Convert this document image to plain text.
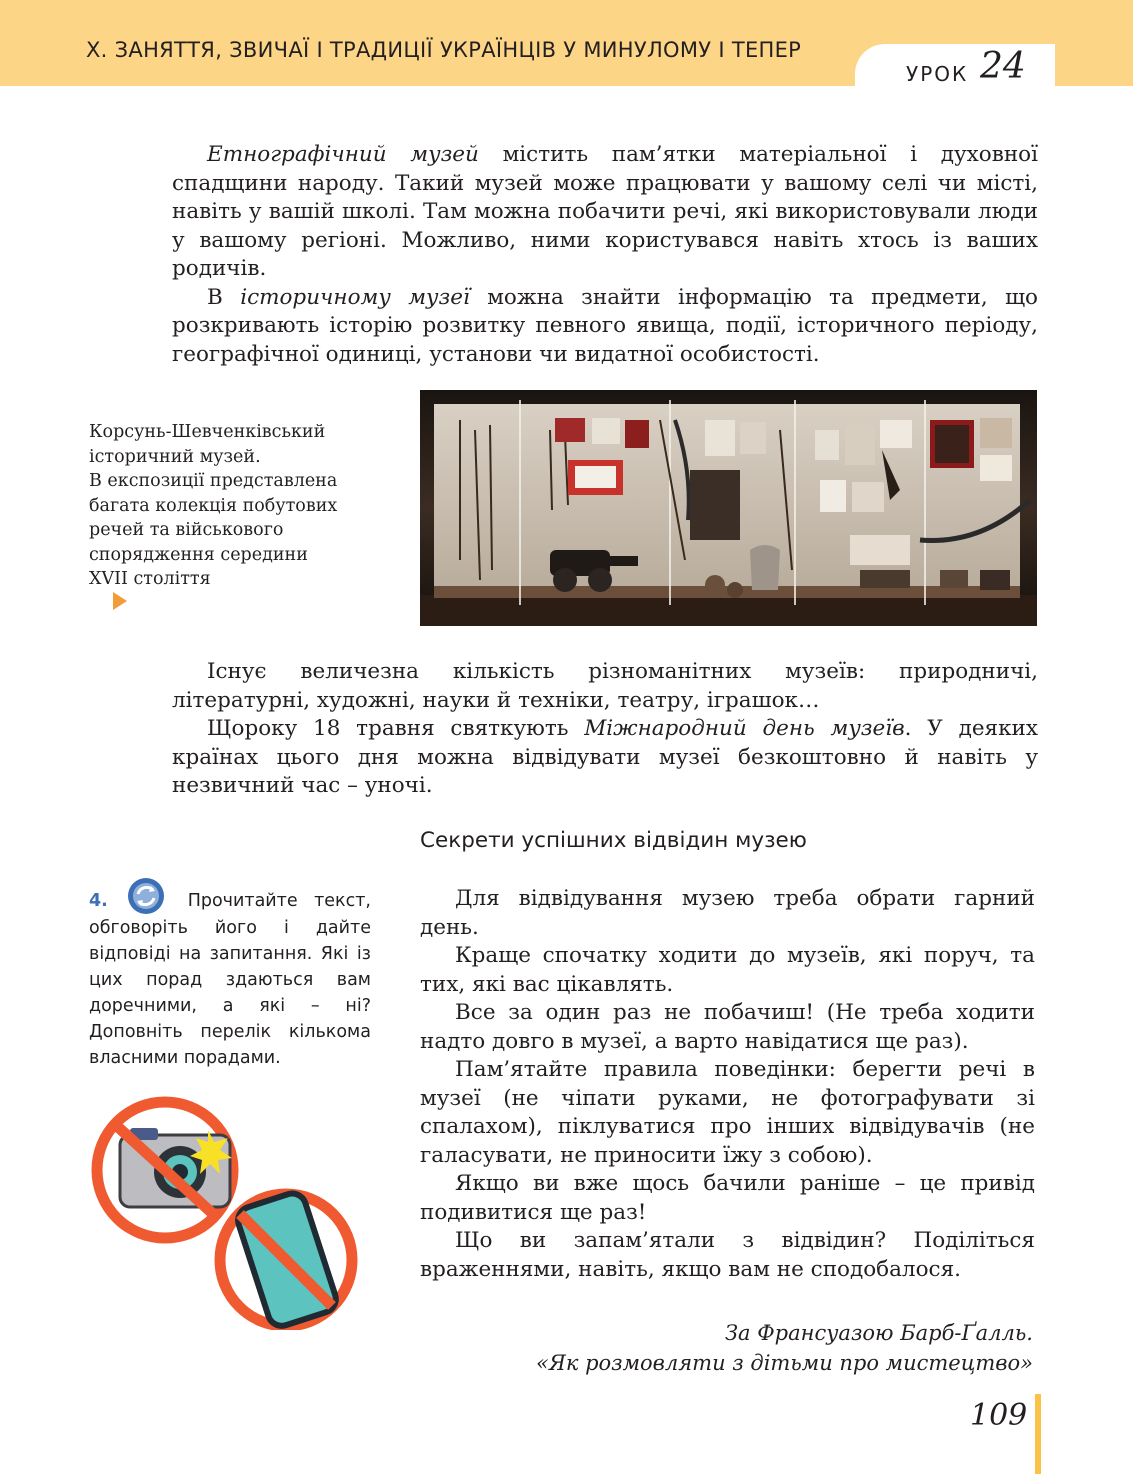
X. ЗАНЯТТЯ, ЗВИЧАЇ І ТРАДИЦІЇ УКРАЇНЦІВ У МИНУЛОМУ І ТЕПЕР
УРОК 24

Етнографічний музей містить пам’ятки матеріальної і духовної спадщини народу. Такий музей може працювати у вашому селі чи місті, навіть у вашій школі. Там можна побачити речі, які використовували люди у вашому регіоні. Можливо, ними користувався навіть хтось із ваших родичів.

В історичному музеї можна знайти інформацію та предмети, що розкривають історію розвитку певного явища, події, історичного періоду, географічної одиниці, установи чи видатної особистості.

Корсунь-Шевченківський
історичний музей.
В експозиції представлена
багата колекція побутових
речей та військового
спорядження середини
XVII століття

Існує величезна кількість різноманітних музеїв: природничі, літературні, художні, науки й техніки, театру, іграшок…

Щороку 18 травня святкують Міжнародний день музеїв. У деяких країнах цього дня можна відвідувати музеї безкоштовно й навіть у незвичний час – уночі.

Секрети успішних відвідин музею
4.	Прочитайте текст, обговоріть його і дайте відповіді на запитання. Які із цих порад здаються вам доречними, а які – ні? Доповніть перелік кількома власними порадами.

Для відвідування музею треба обрати гарний день.

Краще спочатку ходити до музеїв, які поруч, та тих, які вас цікавлять.

Все за один раз не побачиш! (Не треба ходити надто довго в музеї, а варто навідатися ще раз).

Пам’ятайте правила поведінки: берегти речі в музеї (не чіпати руками, не фотографувати зі спалахом), піклуватися про інших відвідувачів (не галасувати, не приносити їжу з собою).

Якщо ви вже щось бачили раніше – це привід подивитися ще раз!

Що ви запам’ятали з відвідин? Поділіться враженнями, навіть, якщо вам не сподобалося.

За Франсуазою Барб-Ґалль.
«Як розмовляти з дітьми про мистецтво»
109
